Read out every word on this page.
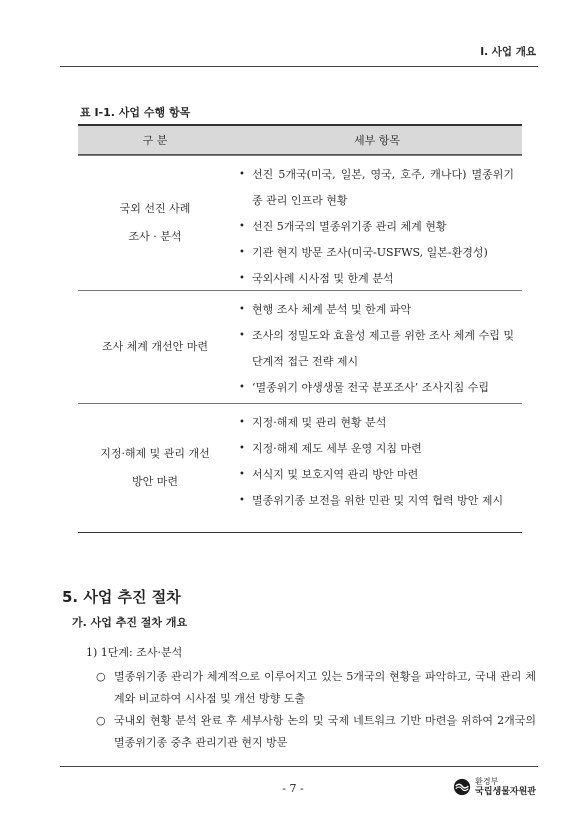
Ⅰ. 사업 개요
표 Ⅰ-1. 사업 수행 항목
구 분	세부 항목
국외 선진 사례
조사 · 분석
• 선진 5개국(미국, 일본, 영국, 호주, 캐나다) 멸종위기종 관리 인프라 현황
• 선진 5개국의 멸종위기종 관리 체계 현황
• 기관 현지 방문 조사(미국-USFWS, 일본-환경성)
• 국외사례 시사점 및 한계 분석
조사 체계 개선안 마련
• 현행 조사 체계 분석 및 한계 파악
• 조사의 정밀도와 효율성 제고를 위한 조사 체계 수립 및 단계적 접근 전략 제시
• ‘멸종위기 야생생물 전국 분포조사’ 조사지침 수립
지정·해제 및 관리 개선
방안 마련
• 지정·해제 및 관리 현황 분석
• 지정·해제 제도 세부 운영 지침 마련
• 서식지 및 보호지역 관리 방안 마련
• 멸종위기종 보전을 위한 민관 및 지역 협력 방안 제시
5. 사업 추진 절차
가. 사업 추진 절차 개요
1) 1단계: 조사·분석
○ 멸종위기종 관리가 체계적으로 이루어지고 있는 5개국의 현황을 파악하고, 국내 관리 체계와 비교하여 시사점 및 개선 방향 도출
○ 국내외 현황 분석 완료 후 세부사항 논의 및 국제 네트워크 기반 마련을 위하여 2개국의 멸종위기종 중추 관리기관 현지 방문
- 7 -
환경부
국립생물자원관
